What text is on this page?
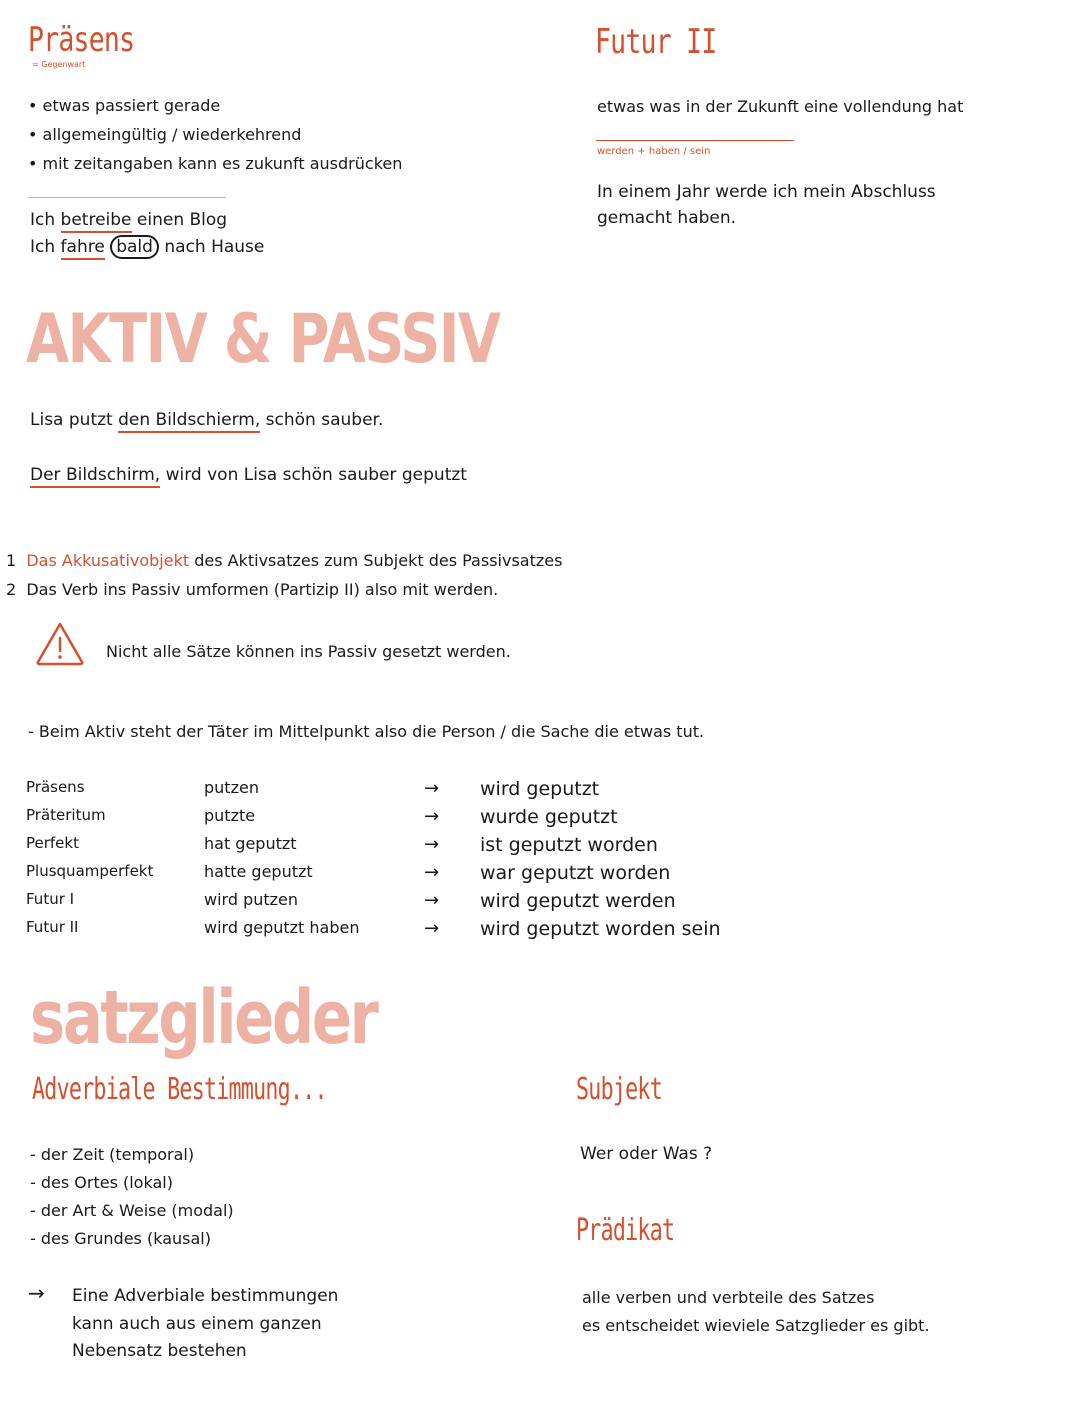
Präsens
= Gegenwart
• etwas passiert gerade
• allgemeingültig / wiederkehrend
• mit zeitangaben kann es zukunft ausdrücken
Ich betreibe einen Blog
Ich fahre bald nach Hause
Futur II
etwas was in der Zukunft eine vollendung hat
werden + haben / sein
In einem Jahr werde ich mein Abschluss
gemacht haben.
AKTIV & PASSIV
Lisa putzt den Bildschierm, schön sauber.
Der Bildschirm, wird von Lisa schön sauber geputzt
1 Das Akkusativobjekt des Aktivsatzes zum Subjekt des Passivsatzes
2 Das Verb ins Passiv umformen (Partizip II) also mit werden.
Nicht alle Sätze können ins Passiv gesetzt werden.
- Beim Aktiv steht der Täter im Mittelpunkt also die Person / die Sache die etwas tut.
Präsens	putzen	→ wird geputzt
Präteritum	putzte	→ wurde geputzt
Perfekt	hat geputzt	→ ist geputzt worden
Plusquamperfekt	hatte geputzt	→ war geputzt worden
Futur I	wird putzen	→ wird geputzt werden
Futur II	wird geputzt haben	→ wird geputzt worden sein
satzglieder
Adverbiale Bestimmung...
- der Zeit (temporal)
- des Ortes (lokal)
- der Art & Weise (modal)
- des Grundes (kausal)
→ Eine Adverbiale bestimmungen
kann auch aus einem ganzen
Nebensatz bestehen
Subjekt
Wer oder Was ?
Prädikat
alle verben und verbteile des Satzes
es entscheidet wieviele Satzglieder es gibt.
